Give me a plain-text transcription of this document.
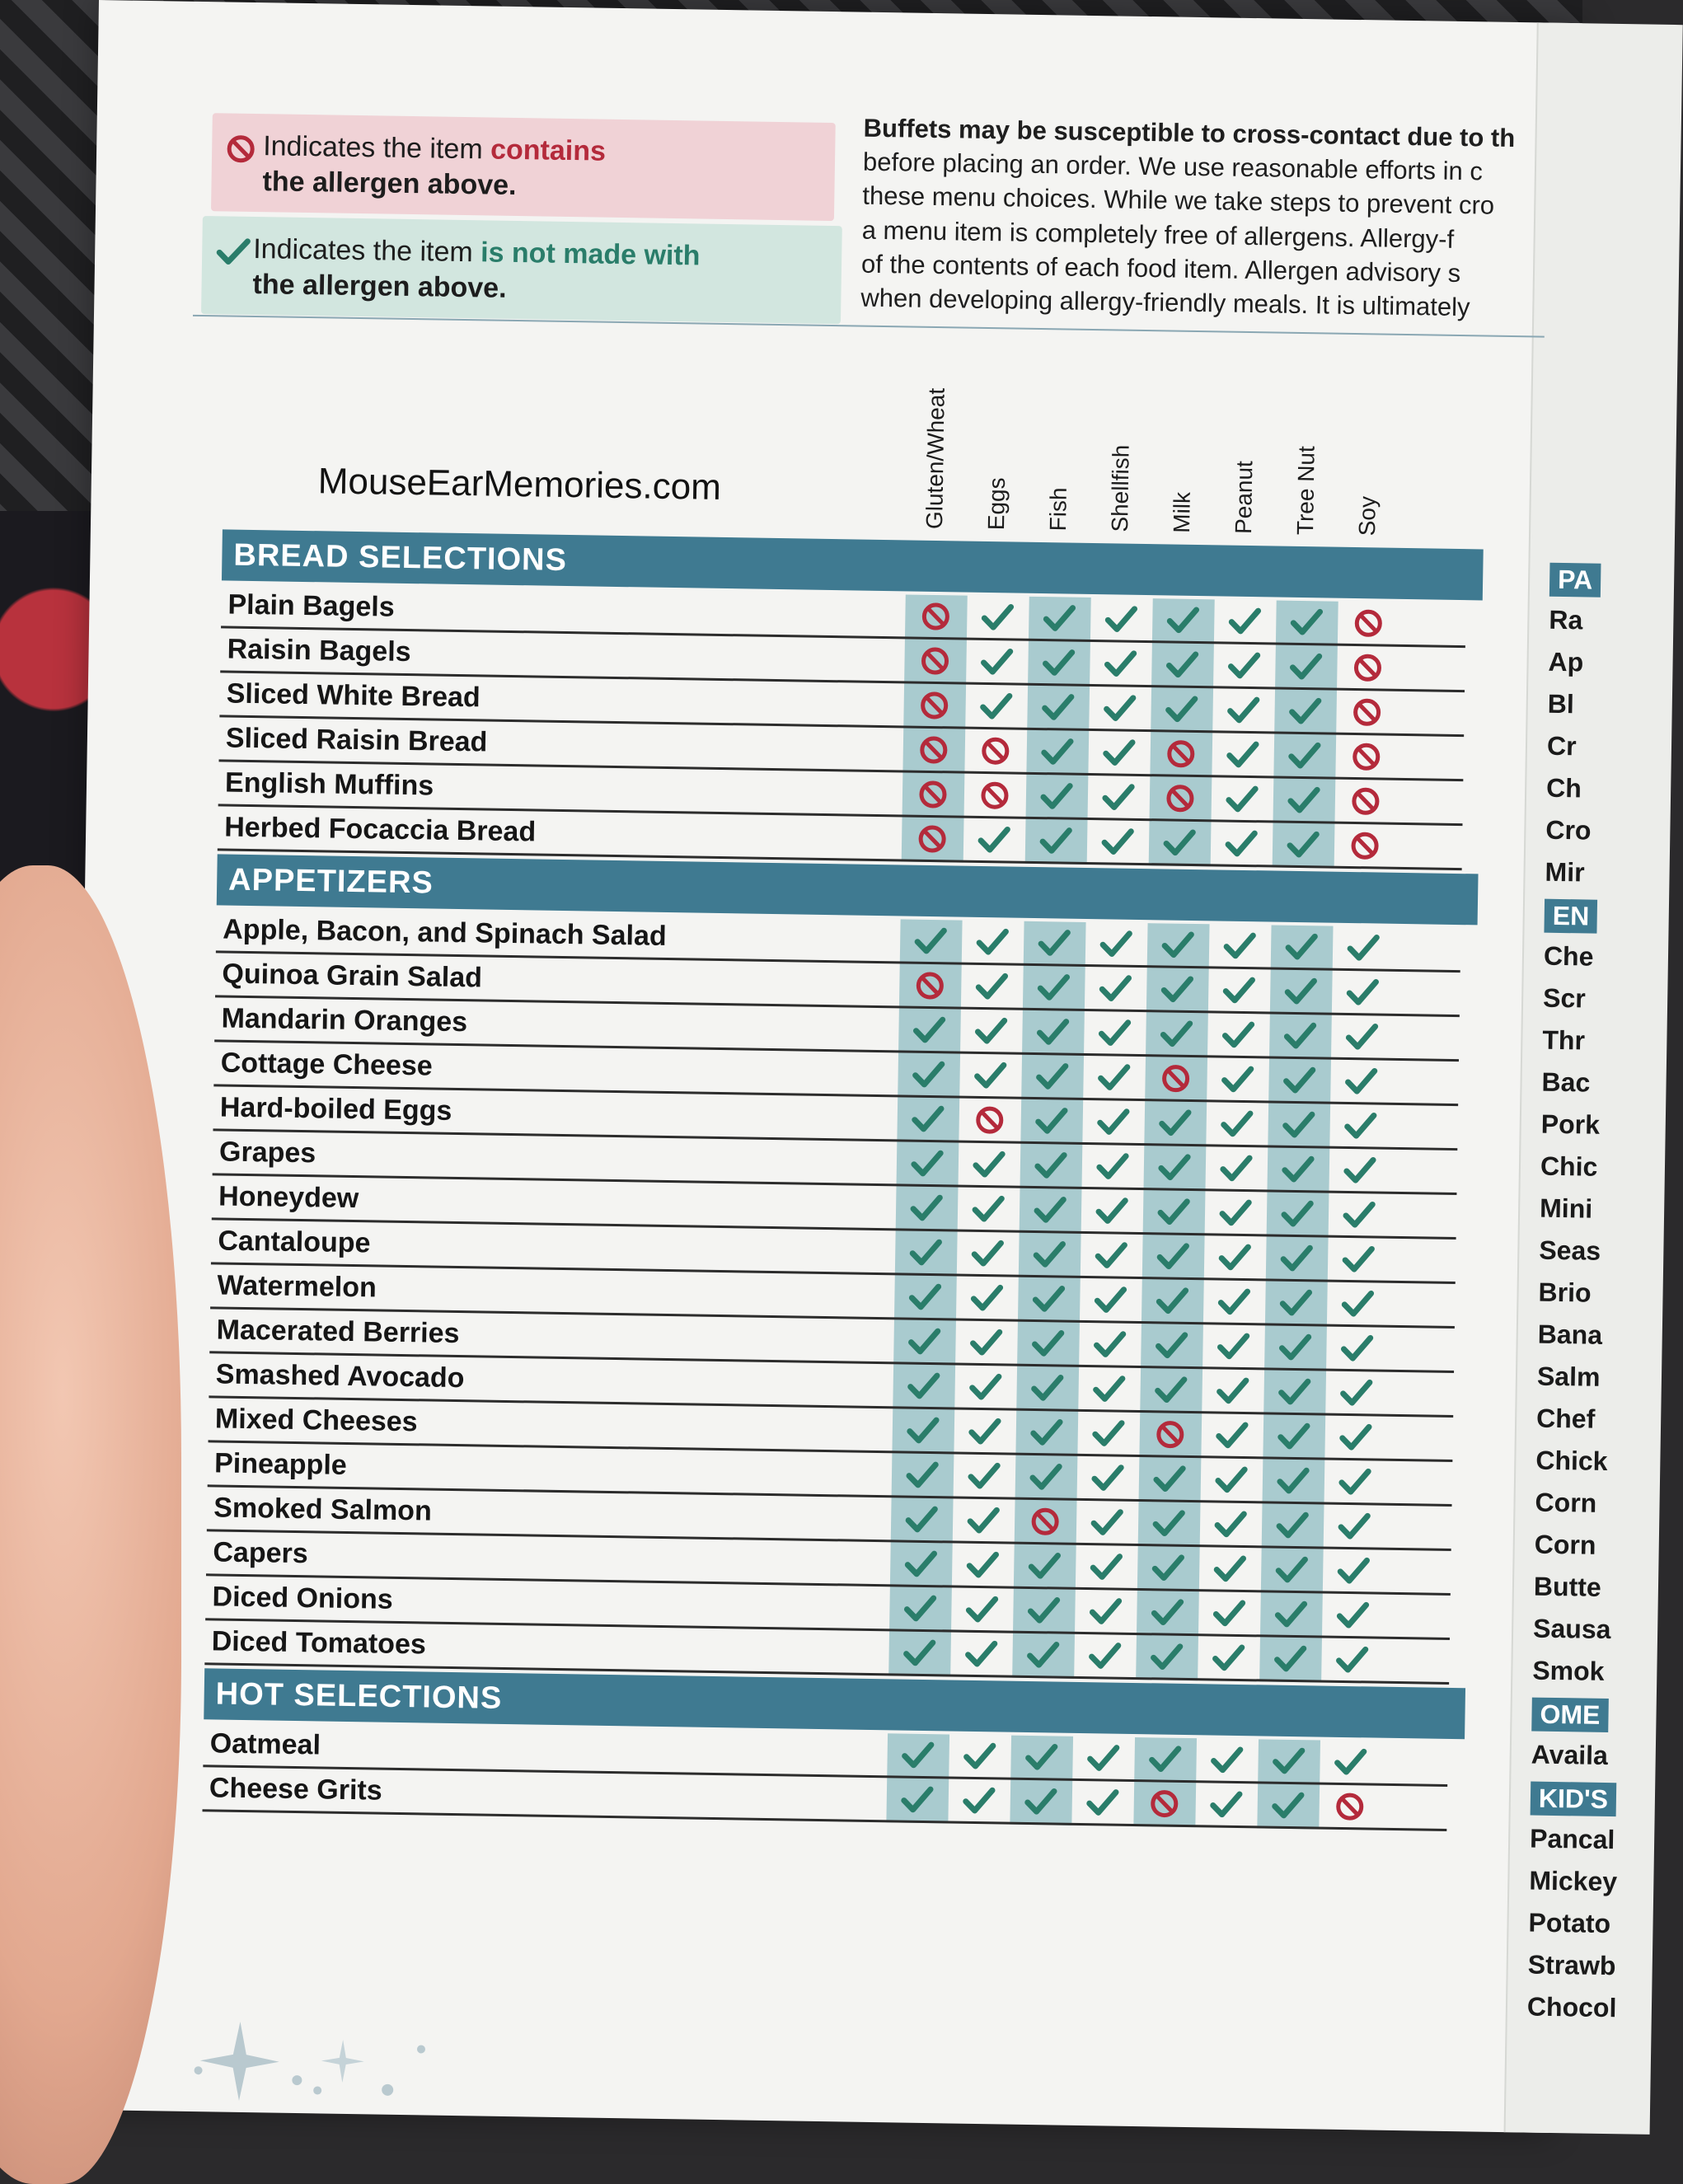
PA
Ra
Ap
Bl
Cr
Ch
Cro
Mir
EN
Che
Scr
Thr
Bac
Pork
Chic
Mini
Seas
Brio
Bana
Salm
Chef
Chick
Corn
Corn
Butte
Sausa
Smok
OME
Availa
KID'S
Pancal
Mickey
Potato
Strawb
Chocol
Indicates the item contains
the allergen above.
Indicates the item is not made with
the allergen above.
Buffets may be susceptible to cross-contact due to th
before placing an order. We use reasonable efforts in c
these menu choices. While we take steps to prevent cro
a menu item is completely free of allergens. Allergy-f
of the contents of each food item. Allergen advisory s
when developing allergy-friendly meals. It is ultimately
MouseEarMemories.com	Gluten/Wheat Eggs Fish Shellfish Milk Peanut Tree Nut Soy
BREAD SELECTIONS
Plain Bagels
Raisin Bagels
Sliced White Bread
Sliced Raisin Bread
English Muffins
Herbed Focaccia Bread
APPETIZERS
Apple, Bacon, and Spinach Salad
Quinoa Grain Salad
Mandarin Oranges
Cottage Cheese
Hard-boiled Eggs
Grapes
Honeydew
Cantaloupe
Watermelon
Macerated Berries
Smashed Avocado
Mixed Cheeses
Pineapple
Smoked Salmon
Capers
Diced Onions
Diced Tomatoes
HOT SELECTIONS
Oatmeal
Cheese Grits
